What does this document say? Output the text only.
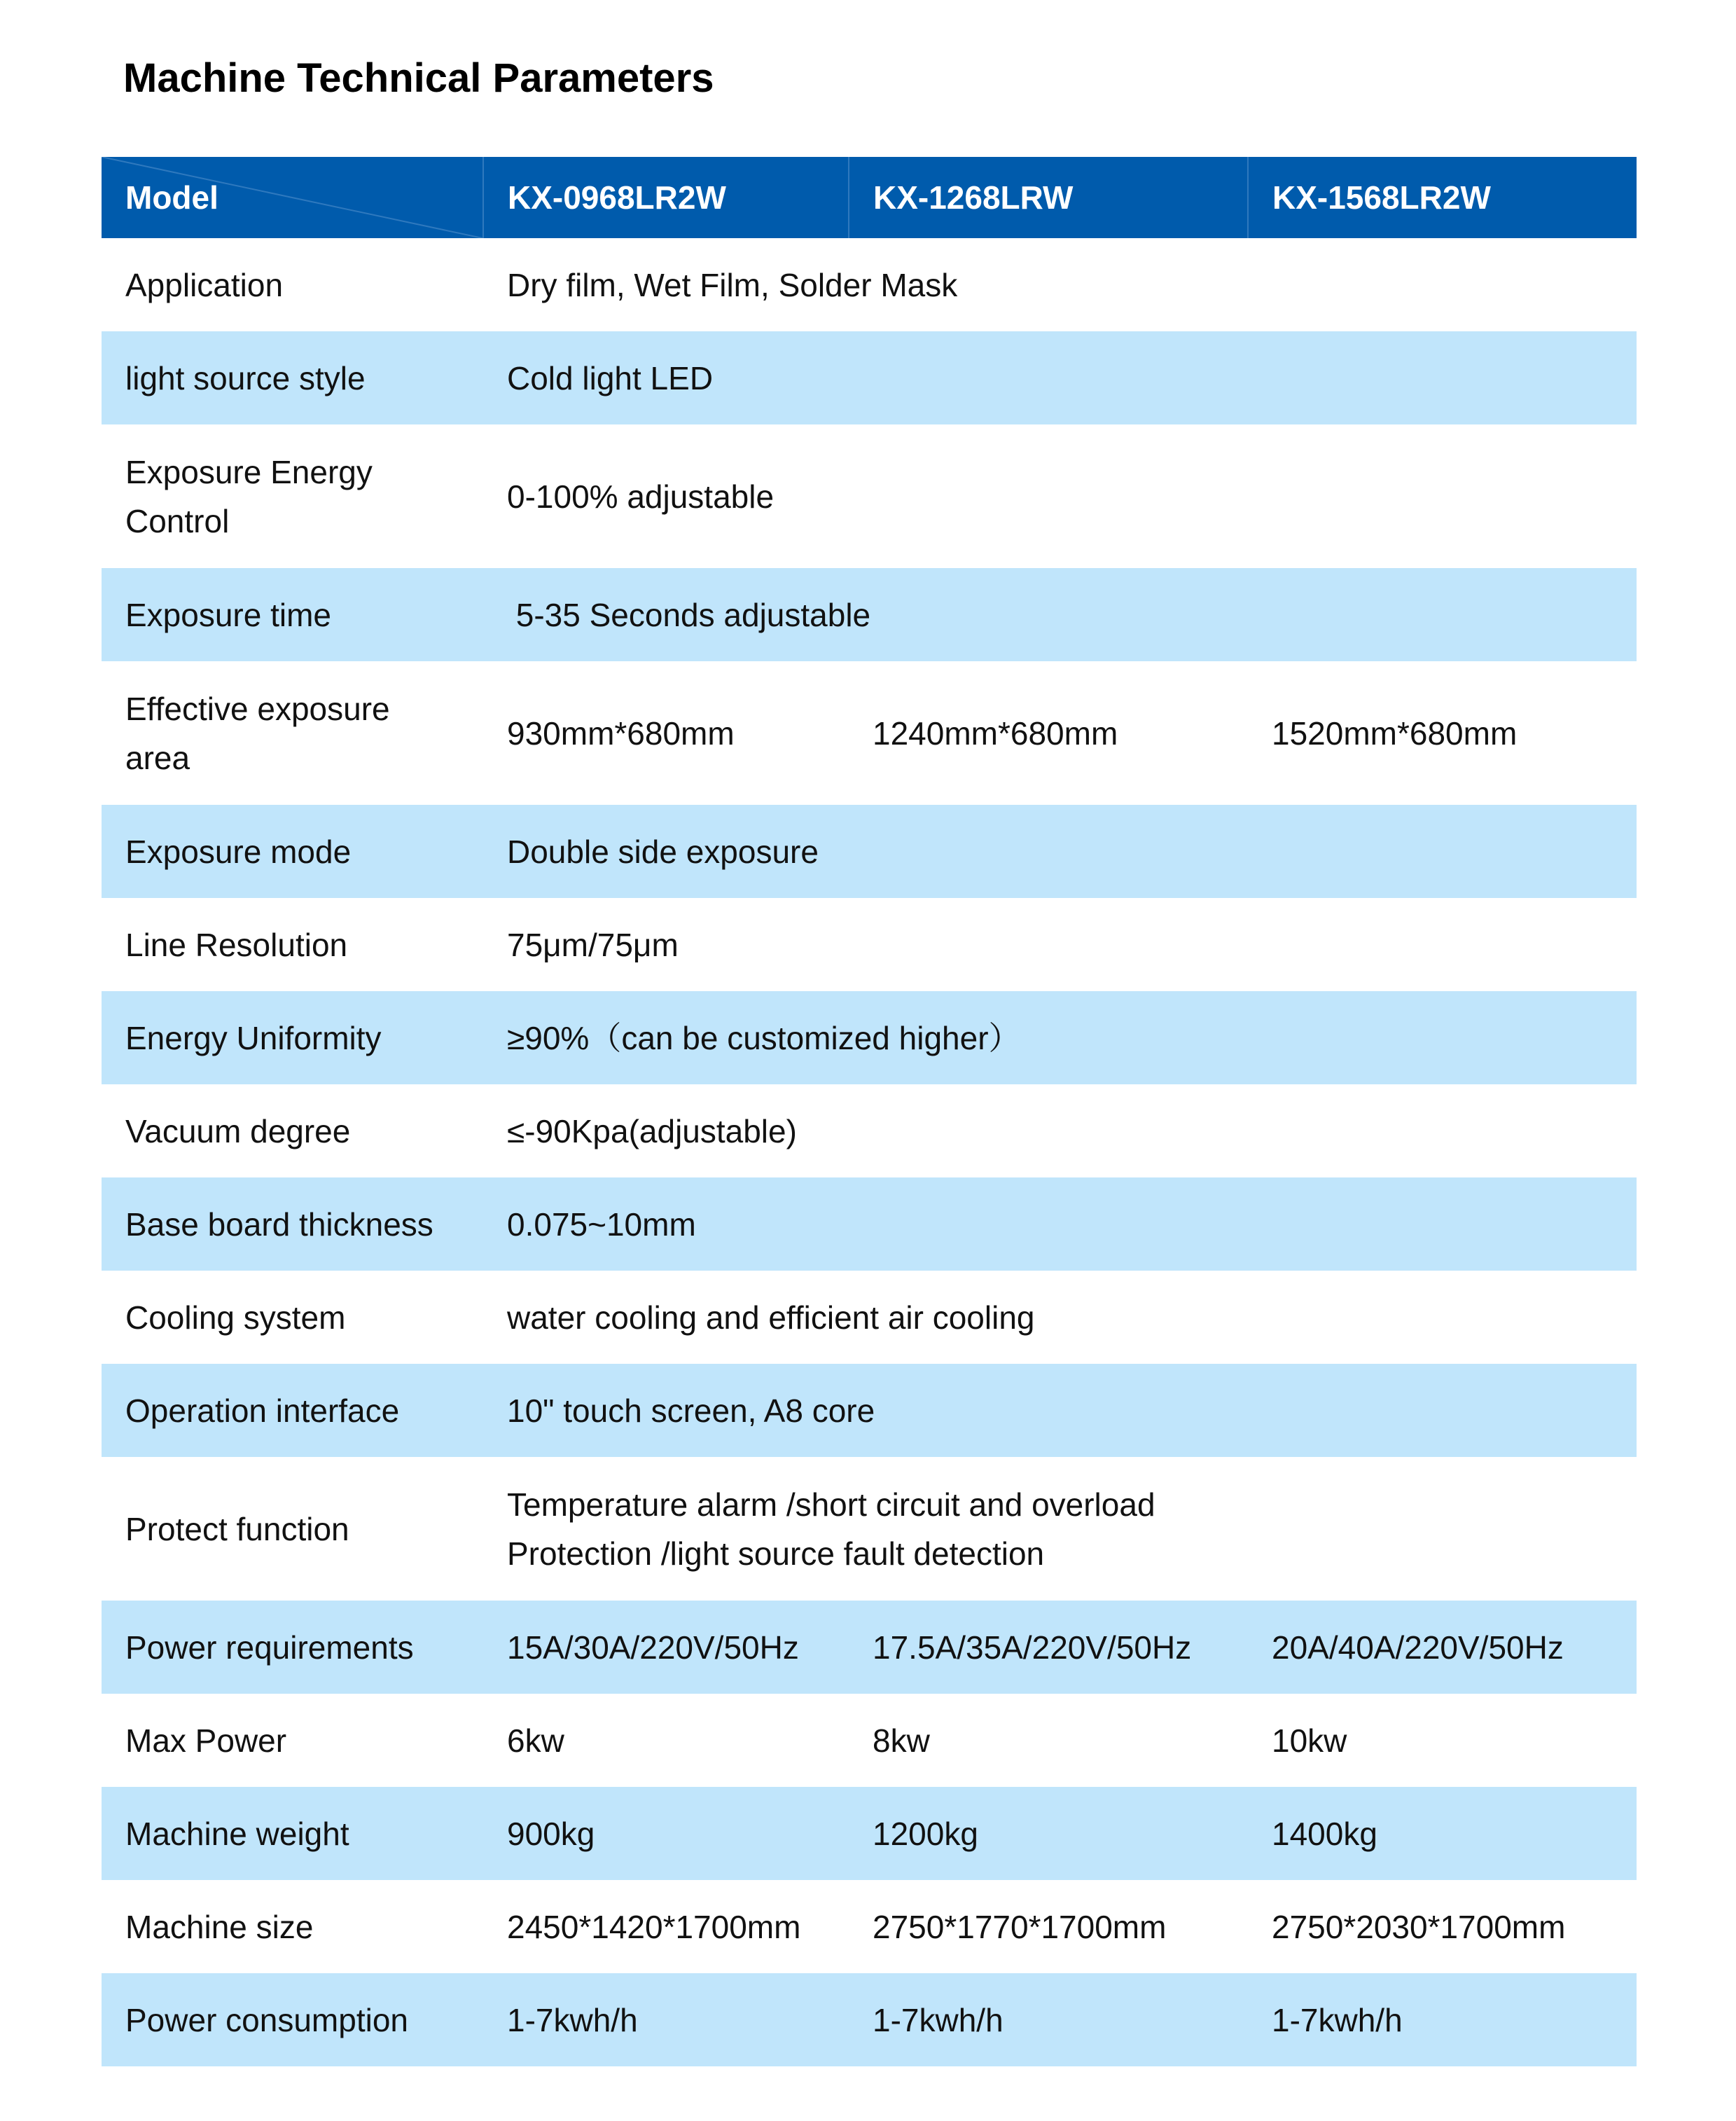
Machine Technical Parameters
Model	KX-0968LR2W	KX-1268LRW	KX-1568LR2W
Application	Dry film, Wet Film, Solder Mask		
light source style	Cold light LED		
Exposure Energy
Control	0-100% adjustable		
Exposure time	5-35 Seconds adjustable		
Effective exposure
area	930mm*680mm	1240mm*680mm	1520mm*680mm
Exposure mode	Double side exposure		
Line Resolution	75μm/75μm		
Energy Uniformity	≥90%（can be customized higher）		
Vacuum degree	≤-90Kpa(adjustable)		
Base board thickness	0.075~10mm		
Cooling system	water cooling and efficient air cooling		
Operation interface	10" touch screen, A8 core		
Protect function	Temperature alarm /short circuit and overload
Protection /light source fault detection		
Power requirements	15A/30A/220V/50Hz	17.5A/35A/220V/50Hz	20A/40A/220V/50Hz
Max Power	6kw	8kw	10kw
Machine weight	900kg	1200kg	1400kg
Machine size	2450*1420*1700mm	2750*1770*1700mm	2750*2030*1700mm
Power consumption	1-7kwh/h	1-7kwh/h	1-7kwh/h
